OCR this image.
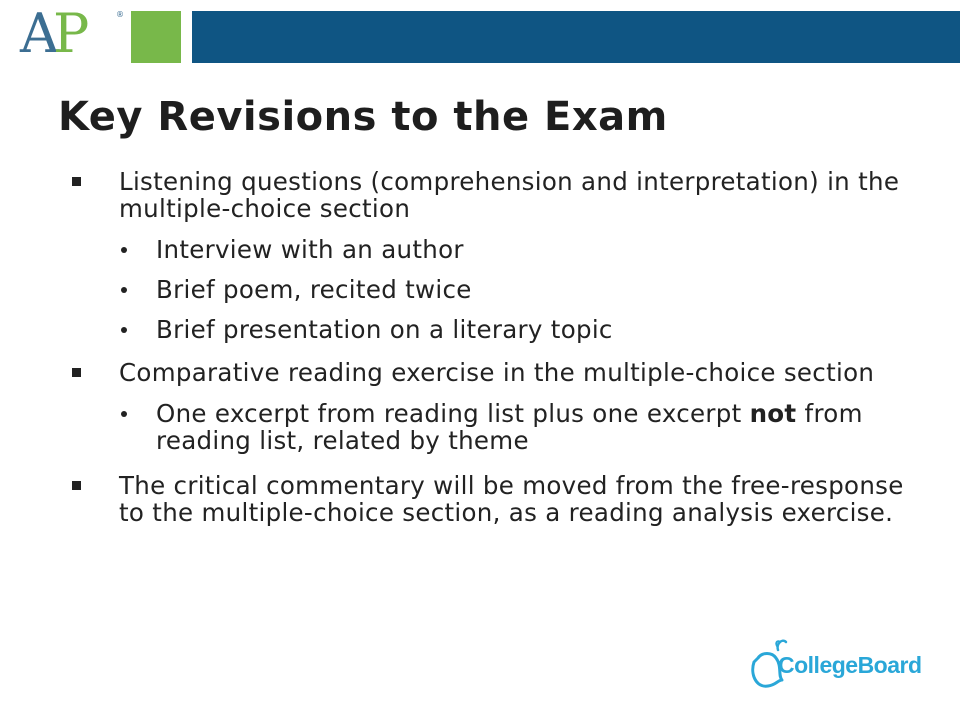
AP	®
Key Revisions to the Exam
Listening questions (comprehension and interpretation) in the multiple-choice section
Interview with an author
Brief poem, recited twice
Brief presentation on a literary topic
Comparative reading exercise in the multiple-choice section
One excerpt from reading list plus one excerpt not from reading list, related by theme
The critical commentary will be moved from the free-response to the multiple-choice section, as a reading analysis exercise.
CollegeBoard
